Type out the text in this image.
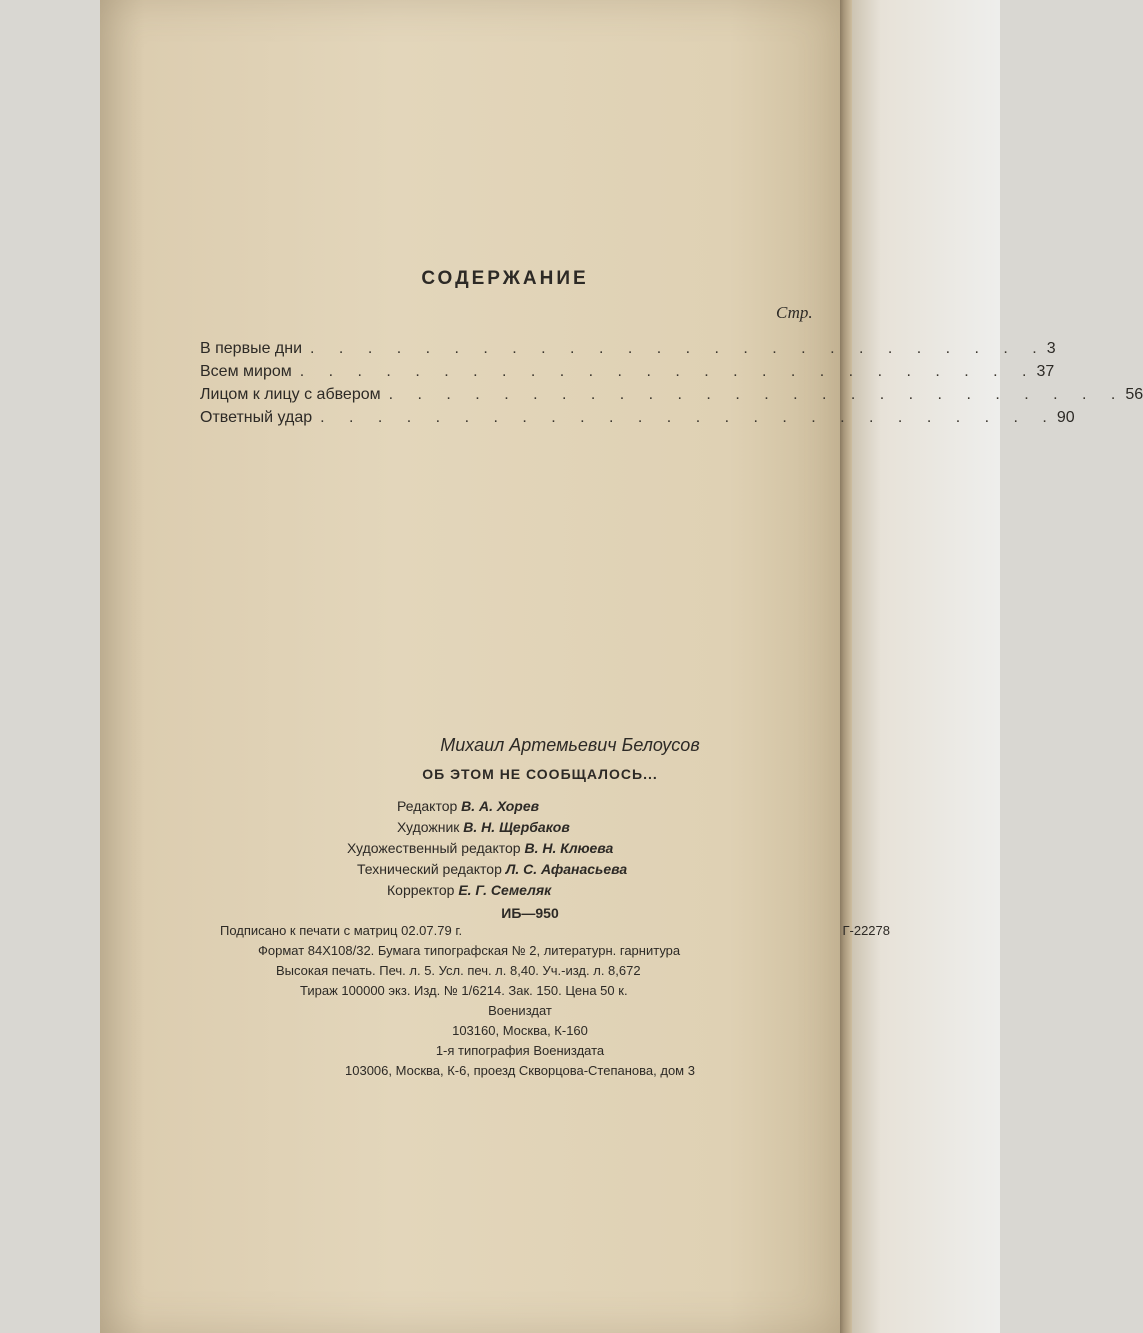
СОДЕРЖАНИЕ
Стр.
В первые дни . . . . . . . . . . . . . . . . . . . . . . . . . . 3
Всем миром . . . . . . . . . . . . . . . . . . . . . . . . . . 37
Лицом к лицу с абвером . . . . . . . . . . . . . . . . . . . . . . . . . . 56
Ответный удар . . . . . . . . . . . . . . . . . . . . . . . . . . 90
Михаил Артемьевич Белоусов
ОБ ЭТОМ НЕ СООБЩАЛОСЬ...
Редактор В. А. Хорев
Художник В. Н. Щербаков
Художественный редактор В. Н. Клюева
Технический редактор Л. С. Афанасьева
Корректор Е. Г. Семеляк
ИБ—950
Подписано к печати с матриц 02.07.79 г.	Г-22278
Формат 84Х108/32. Бумага типографская № 2, литературн. гарнитура
Высокая печать. Печ. л. 5. Усл. печ. л. 8,40. Уч.-изд. л. 8,672
Тираж 100000 экз. Изд. № 1/6214. Зак. 150. Цена 50 к.
Воениздат
103160, Москва, К-160
1-я типография Воениздата
103006, Москва, К-6, проезд Скворцова-Степанова, дом 3
